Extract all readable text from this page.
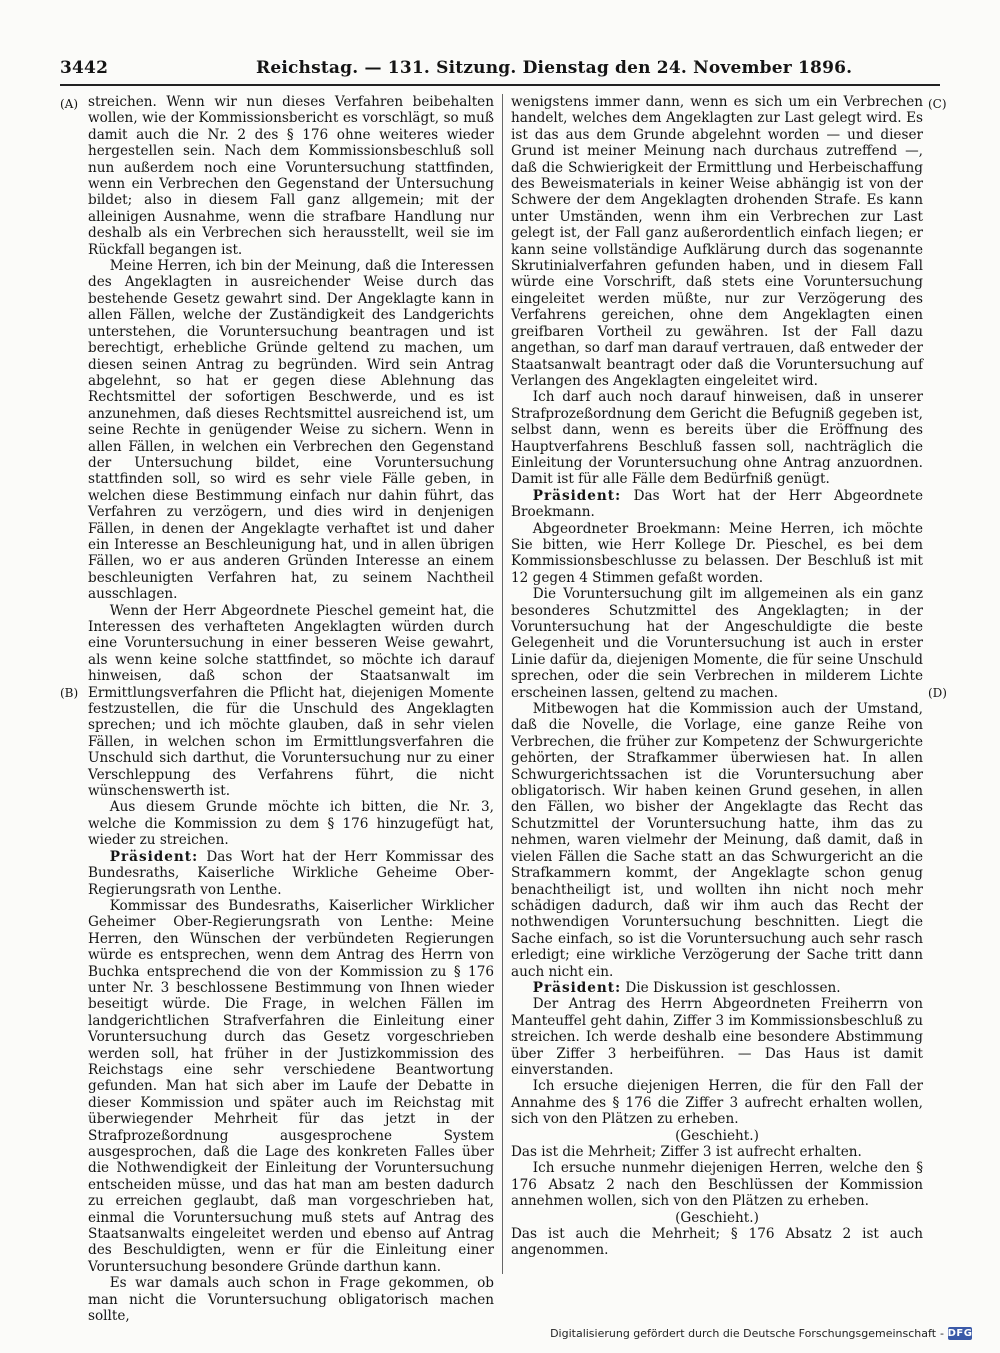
3442	Reichstag. — 131. Sitzung. Dienstag den 24. November 1896.
(A)
(B)
(C)
(D)

streichen. Wenn wir nun dieses Verfahren beibehalten wollen, wie der Kommissionsbericht es vorschlägt, so muß damit auch die Nr. 2 des § 176 ohne weiteres wieder hergestellen sein. Nach dem Kommissionsbeschluß soll nun außerdem noch eine Voruntersuchung stattfinden, wenn ein Verbrechen den Gegenstand der Untersuchung bildet; also in diesem Fall ganz allgemein; mit der alleinigen Ausnahme, wenn die strafbare Handlung nur deshalb als ein Verbrechen sich herausstellt, weil sie im Rückfall begangen ist.

Meine Herren, ich bin der Meinung, daß die Interessen des Angeklagten in ausreichender Weise durch das bestehende Gesetz gewahrt sind. Der Angeklagte kann in allen Fällen, welche der Zuständigkeit des Landgerichts unterstehen, die Voruntersuchung beantragen und ist berechtigt, erhebliche Gründe geltend zu machen, um diesen seinen Antrag zu begründen. Wird sein Antrag abgelehnt, so hat er gegen diese Ablehnung das Rechtsmittel der sofortigen Beschwerde, und es ist anzunehmen, daß dieses Rechtsmittel ausreichend ist, um seine Rechte in genügender Weise zu sichern. Wenn in allen Fällen, in welchen ein Verbrechen den Gegenstand der Untersuchung bildet, eine Voruntersuchung stattfinden soll, so wird es sehr viele Fälle geben, in welchen diese Bestimmung einfach nur dahin führt, das Verfahren zu verzögern, und dies wird in denjenigen Fällen, in denen der Angeklagte verhaftet ist und daher ein Interesse an Beschleunigung hat, und in allen übrigen Fällen, wo er aus anderen Gründen Interesse an einem beschleunigten Verfahren hat, zu seinem Nachtheil ausschlagen.

Wenn der Herr Abgeordnete Pieschel gemeint hat, die Interessen des verhafteten Angeklagten würden durch eine Voruntersuchung in einer besseren Weise gewahrt, als wenn keine solche stattfindet, so möchte ich darauf hinweisen, daß schon der Staatsanwalt im Ermittlungsverfahren die Pflicht hat, diejenigen Momente festzustellen, die für die Unschuld des Angeklagten sprechen; und ich möchte glauben, daß in sehr vielen Fällen, in welchen schon im Ermittlungsverfahren die Unschuld sich darthut, die Voruntersuchung nur zu einer Verschleppung des Verfahrens führt, die nicht wünschenswerth ist.

Aus diesem Grunde möchte ich bitten, die Nr. 3, welche die Kommission zu dem § 176 hinzugefügt hat, wieder zu streichen.

Präsident: Das Wort hat der Herr Kommissar des Bundesraths, Kaiserliche Wirkliche Geheime Ober-Regierungsrath von Lenthe.

Kommissar des Bundesraths, Kaiserlicher Wirklicher Geheimer Ober-Regierungsrath von Lenthe: Meine Herren, den Wünschen der verbündeten Regierungen würde es entsprechen, wenn dem Antrag des Herrn von Buchka entsprechend die von der Kommission zu § 176 unter Nr. 3 beschlossene Bestimmung von Ihnen wieder beseitigt würde. Die Frage, in welchen Fällen im landgerichtlichen Strafverfahren die Einleitung einer Voruntersuchung durch das Gesetz vorgeschrieben werden soll, hat früher in der Justizkommission des Reichstags eine sehr verschiedene Beantwortung gefunden. Man hat sich aber im Laufe der Debatte in dieser Kommission und später auch im Reichstag mit überwiegender Mehrheit für das jetzt in der Strafprozeßordnung ausgesprochene System ausgesprochen, daß die Lage des konkreten Falles über die Nothwendigkeit der Einleitung der Voruntersuchung entscheiden müsse, und das hat man am besten dadurch zu erreichen geglaubt, daß man vorgeschrieben hat, einmal die Voruntersuchung muß stets auf Antrag des Staatsanwalts eingeleitet werden und ebenso auf Antrag des Beschuldigten, wenn er für die Einleitung einer Voruntersuchung besondere Gründe darthun kann.

Es war damals auch schon in Frage gekommen, ob man nicht die Voruntersuchung obligatorisch machen sollte,

wenigstens immer dann, wenn es sich um ein Verbrechen handelt, welches dem Angeklagten zur Last gelegt wird. Es ist das aus dem Grunde abgelehnt worden — und dieser Grund ist meiner Meinung nach durchaus zutreffend —, daß die Schwierigkeit der Ermittlung und Herbeischaffung des Beweismaterials in keiner Weise abhängig ist von der Schwere der dem Angeklagten drohenden Strafe. Es kann unter Umständen, wenn ihm ein Verbrechen zur Last gelegt ist, der Fall ganz außerordentlich einfach liegen; er kann seine vollständige Aufklärung durch das sogenannte Skrutinialverfahren gefunden haben, und in diesem Fall würde eine Vorschrift, daß stets eine Voruntersuchung eingeleitet werden müßte, nur zur Verzögerung des Verfahrens gereichen, ohne dem Angeklagten einen greifbaren Vortheil zu gewähren. Ist der Fall dazu angethan, so darf man darauf vertrauen, daß entweder der Staatsanwalt beantragt oder daß die Voruntersuchung auf Verlangen des Angeklagten eingeleitet wird.

Ich darf auch noch darauf hinweisen, daß in unserer Strafprozeßordnung dem Gericht die Befugniß gegeben ist, selbst dann, wenn es bereits über die Eröffnung des Hauptverfahrens Beschluß fassen soll, nachträglich die Einleitung der Voruntersuchung ohne Antrag anzuordnen. Damit ist für alle Fälle dem Bedürfniß genügt.

Präsident: Das Wort hat der Herr Abgeordnete Broekmann.

Abgeordneter Broekmann: Meine Herren, ich möchte Sie bitten, wie Herr Kollege Dr. Pieschel, es bei dem Kommissionsbeschlusse zu belassen. Der Beschluß ist mit 12 gegen 4 Stimmen gefaßt worden.

Die Voruntersuchung gilt im allgemeinen als ein ganz besonderes Schutzmittel des Angeklagten; in der Voruntersuchung hat der Angeschuldigte die beste Gelegenheit und die Voruntersuchung ist auch in erster Linie dafür da, diejenigen Momente, die für seine Unschuld sprechen, oder die sein Verbrechen in milderem Lichte erscheinen lassen, geltend zu machen.

Mitbewogen hat die Kommission auch der Umstand, daß die Novelle, die Vorlage, eine ganze Reihe von Verbrechen, die früher zur Kompetenz der Schwurgerichte gehörten, der Strafkammer überwiesen hat. In allen Schwurgerichtssachen ist die Voruntersuchung aber obligatorisch. Wir haben keinen Grund gesehen, in allen den Fällen, wo bisher der Angeklagte das Recht das Schutzmittel der Voruntersuchung hatte, ihm das zu nehmen, waren vielmehr der Meinung, daß damit, daß in vielen Fällen die Sache statt an das Schwurgericht an die Strafkammern kommt, der Angeklagte schon genug benachtheiligt ist, und wollten ihn nicht noch mehr schädigen dadurch, daß wir ihm auch das Recht der nothwendigen Voruntersuchung beschnitten. Liegt die Sache einfach, so ist die Voruntersuchung auch sehr rasch erledigt; eine wirkliche Verzögerung der Sache tritt dann auch nicht ein.

Präsident: Die Diskussion ist geschlossen.

Der Antrag des Herrn Abgeordneten Freiherrn von Manteuffel geht dahin, Ziffer 3 im Kommissionsbeschluß zu streichen. Ich werde deshalb eine besondere Abstimmung über Ziffer 3 herbeiführen. — Das Haus ist damit einverstanden.

Ich ersuche diejenigen Herren, die für den Fall der Annahme des § 176 die Ziffer 3 aufrecht erhalten wollen, sich von den Plätzen zu erheben.

(Geschieht.)

Das ist die Mehrheit; Ziffer 3 ist aufrecht erhalten.

Ich ersuche nunmehr diejenigen Herren, welche den § 176 Absatz 2 nach den Beschlüssen der Kommission annehmen wollen, sich von den Plätzen zu erheben.

(Geschieht.)

Das ist auch die Mehrheit; § 176 Absatz 2 ist auch angenommen.

Digitalisierung gefördert durch die Deutsche Forschungsgemeinschaft - DFG
